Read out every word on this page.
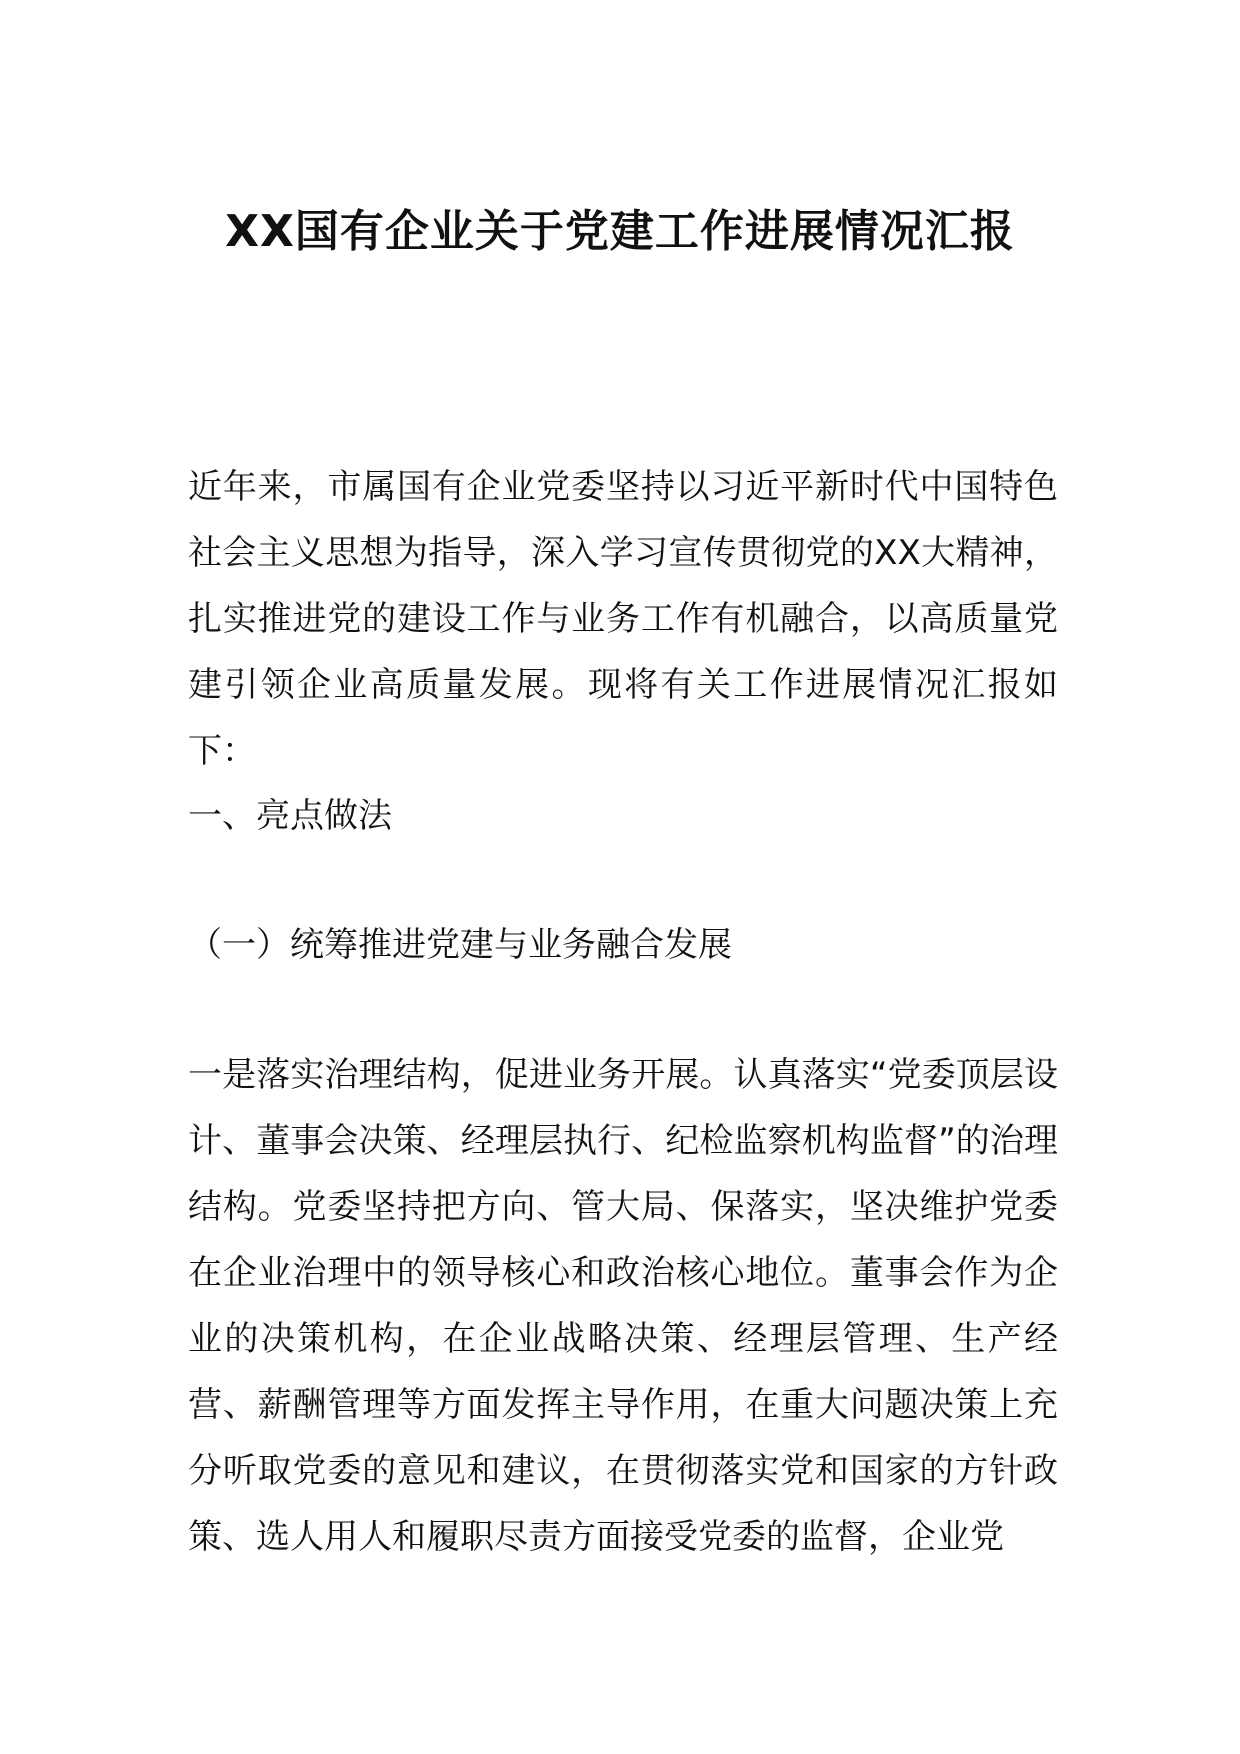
XX国有企业关于党建工作进展情况汇报

近年来，市属国有企业党委坚持以习近平新时代中国特色社会主义思想为指导，深入学习宣传贯彻党的XX大精神，扎实推进党的建设工作与业务工作有机融合，以高质量党建引领企业高质量发展。现将有关工作进展情况汇报如下：

一、亮点做法

（一）统筹推进党建与业务融合发展

一是落实治理结构，促进业务开展。认真落实“党委顶层设计、董事会决策、经理层执行、纪检监察机构监督”的治理结构。党委坚持把方向、管大局、保落实，坚决维护党委在企业治理中的领导核心和政治核心地位。董事会作为企业的决策机构，在企业战略决策、经理层管理、生产经营、薪酬管理等方面发挥主导作用，在重大问题决策上充分听取党委的意见和建议，在贯彻落实党和国家的方针政策、选人用人和履职尽责方面接受党委的监督，企业党
